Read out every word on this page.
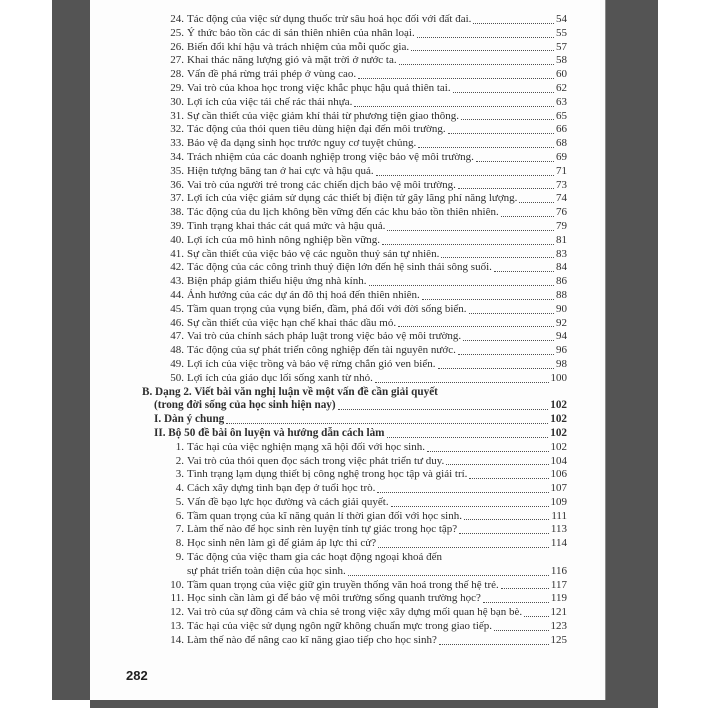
24. Tác động của việc sử dụng thuốc trừ sâu hoá học đối với đất đai.	54
25. Ý thức bảo tồn các di sản thiên nhiên của nhân loại.	55
26. Biến đổi khí hậu và trách nhiệm của mỗi quốc gia.	57
27. Khai thác năng lượng gió và mặt trời ở nước ta.	58
28. Vấn đề phá rừng trái phép ở vùng cao.	60
29. Vai trò của khoa học trong việc khắc phục hậu quả thiên tai.	62
30. Lợi ích của việc tái chế rác thải nhựa.	63
31. Sự cần thiết của việc giảm khí thải từ phương tiện giao thông.	65
32. Tác động của thói quen tiêu dùng hiện đại đến môi trường.	66
33. Bảo vệ đa dạng sinh học trước nguy cơ tuyệt chủng.	68
34. Trách nhiệm của các doanh nghiệp trong việc bảo vệ môi trường.	69
35. Hiện tượng băng tan ở hai cực và hậu quả.	71
36. Vai trò của người trẻ trong các chiến dịch bảo vệ môi trường.	73
37. Lợi ích của việc giảm sử dụng các thiết bị điện tử gây lãng phí năng lượng.	74
38. Tác động của du lịch không bền vững đến các khu bảo tồn thiên nhiên.	76
39. Tình trạng khai thác cát quá mức và hậu quả.	79
40. Lợi ích của mô hình nông nghiệp bền vững.	81
41. Sự cần thiết của việc bảo vệ các nguồn thuỷ sản tự nhiên.	83
42. Tác động của các công trình thuỷ điện lớn đến hệ sinh thái sông suối.	84
43. Biện pháp giảm thiểu hiệu ứng nhà kính.	86
44. Ảnh hưởng của các dự án đô thị hoá đến thiên nhiên.	88
45. Tầm quan trọng của vụng biển, đầm, phá đối với đời sống biển.	90
46. Sự cần thiết của việc hạn chế khai thác dầu mỏ.	92
47. Vai trò của chính sách pháp luật trong việc bảo vệ môi trường.	94
48. Tác động của sự phát triển công nghiệp đến tài nguyên nước.	96
49. Lợi ích của việc trồng và bảo vệ rừng chắn gió ven biển.	98
50. Lợi ích của giáo dục lối sống xanh từ nhỏ.	100
B. Dạng 2. Viết bài văn nghị luận về một vấn đề cần giải quyết
(trong đời sống của học sinh hiện nay)	102
I. Dàn ý chung	102
II. Bộ 50 đề bài ôn luyện và hướng dẫn cách làm	102
1. Tác hại của việc nghiện mạng xã hội đối với học sinh.	102
2. Vai trò của thói quen đọc sách trong việc phát triển tư duy.	104
3. Tình trạng lạm dụng thiết bị công nghệ trong học tập và giải trí.	106
4. Cách xây dựng tình bạn đẹp ở tuổi học trò.	107
5. Vấn đề bạo lực học đường và cách giải quyết.	109
6. Tầm quan trọng của kĩ năng quản lí thời gian đối với học sinh.	111
7. Làm thế nào để học sinh rèn luyện tính tự giác trong học tập?	113
8. Học sinh nên làm gì để giảm áp lực thi cử?	114
9. Tác động của việc tham gia các hoạt động ngoại khoá đến
sự phát triển toàn diện của học sinh.	116
10. Tầm quan trọng của việc giữ gìn truyền thống văn hoá trong thế hệ trẻ.	117
11. Học sinh cần làm gì để bảo vệ môi trường sống quanh trường học?	119
12. Vai trò của sự đồng cảm và chia sẻ trong việc xây dựng mối quan hệ bạn bè.	121
13. Tác hại của việc sử dụng ngôn ngữ không chuẩn mực trong giao tiếp.	123
14. Làm thế nào để nâng cao kĩ năng giao tiếp cho học sinh?	125
282
